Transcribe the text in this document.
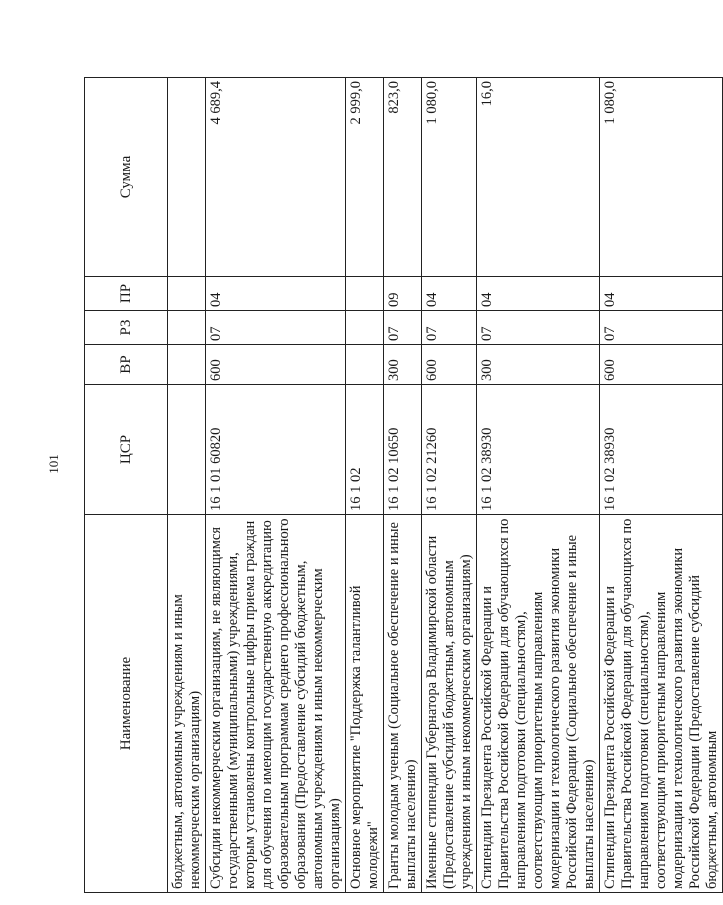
101
Наименование	ЦСР	ВР	РЗ	ПР	Сумма
бюджетным, автономным учреждениям и иным некоммерческим организациям)					
Субсидии некоммерческим организациям, не являющимся государственными (муниципальными) учреждениями, которым установлены контрольные цифры приема граждан для обучения по имеющим государственную аккредитацию образовательным программам среднего профессионального образования (Предоставление субсидий бюджетным, автономным учреждениям и иным некоммерческим организациям)	16 1 01 60820	600	07	04	4 689,4
Основное мероприятие "Поддержка талантливой молодежи"	16 1 02				2 999,0
Гранты молодым ученым (Социальное обеспечение и иные выплаты населению)	16 1 02 10650	300	07	09	823,0
Именные стипендии Губернатора Владимирской области (Предоставление субсидий бюджетным, автономным учреждениям и иным некоммерческим организациям)	16 1 02 21260	600	07	04	1 080,0
Стипендии Президента Российской Федерации и Правительства Российской Федерации для обучающихся по направлениям подготовки (специальностям), соответствующим приоритетным направлениям модернизации и технологического развития экономики Российской Федерации (Социальное обеспечение и иные выплаты населению)	16 1 02 38930	300	07	04	16,0
Стипендии Президента Российской Федерации и Правительства Российской Федерации для обучающихся по направлениям подготовки (специальностям), соответствующим приоритетным направлениям модернизации и технологического развития экономики Российской Федерации (Предоставление субсидий бюджетным, автономным	16 1 02 38930	600	07	04	1 080,0
